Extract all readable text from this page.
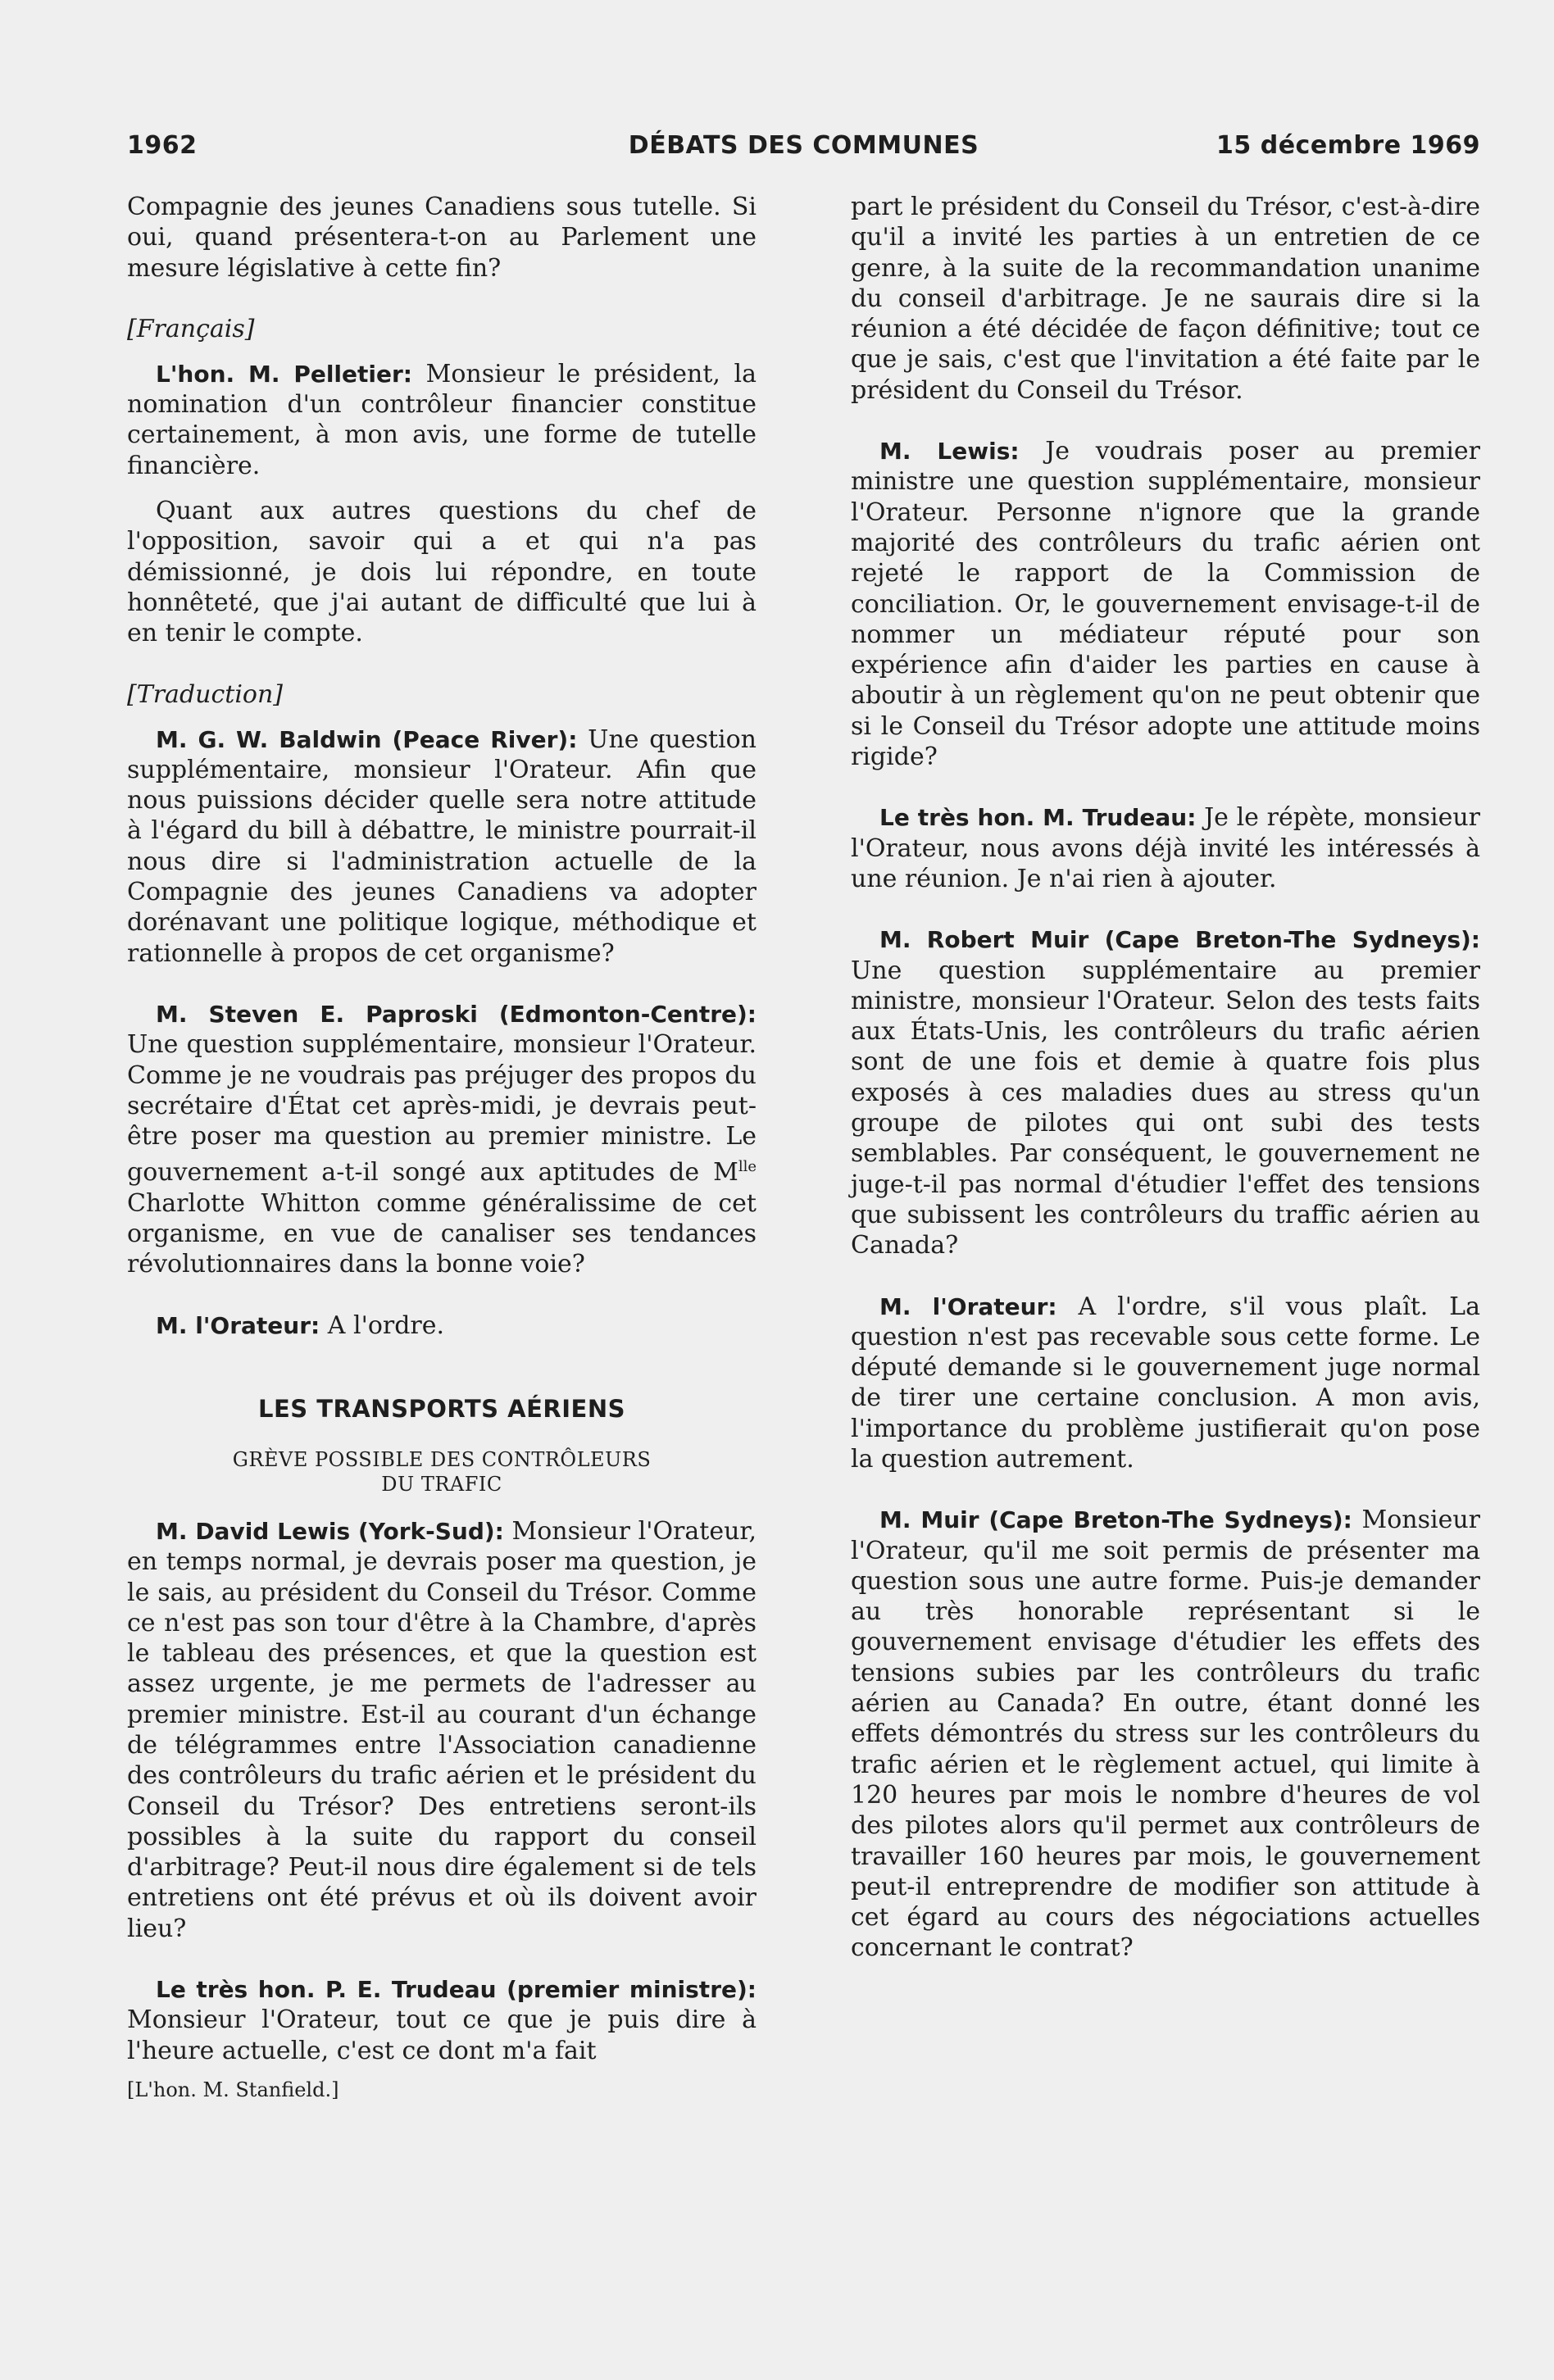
1962	DÉBATS DES COMMUNES	15 décembre 1969

Compagnie des jeunes Canadiens sous tutelle. Si oui, quand présentera-t-on au Parlement une mesure législative à cette fin?

[Français]

L'hon. M. Pelletier: Monsieur le président, la nomination d'un contrôleur financier constitue certainement, à mon avis, une forme de tutelle financière.

Quant aux autres questions du chef de l'opposition, savoir qui a et qui n'a pas démissionné, je dois lui répondre, en toute honnêteté, que j'ai autant de difficulté que lui à en tenir le compte.

[Traduction]

M. G. W. Baldwin (Peace River): Une question supplémentaire, monsieur l'Orateur. Afin que nous puissions décider quelle sera notre attitude à l'égard du bill à débattre, le ministre pourrait-il nous dire si l'administration actuelle de la Compagnie des jeunes Canadiens va adopter dorénavant une politique logique, méthodique et rationnelle à propos de cet organisme?

M. Steven E. Paproski (Edmonton-Centre): Une question supplémentaire, monsieur l'Orateur. Comme je ne voudrais pas préjuger des propos du secrétaire d'État cet après-midi, je devrais peut-être poser ma question au premier ministre. Le gouvernement a-t-il songé aux aptitudes de $M^{lle}$ Charlotte Whitton comme généralissime de cet organisme, en vue de canaliser ses tendances révolutionnaires dans la bonne voie?

M. l'Orateur: A l'ordre.

LES TRANSPORTS AÉRIENS
GRÈVE POSSIBLE DES CONTRÔLEURS
DU TRAFIC

M. David Lewis (York-Sud): Monsieur l'Orateur, en temps normal, je devrais poser ma question, je le sais, au président du Conseil du Trésor. Comme ce n'est pas son tour d'être à la Chambre, d'après le tableau des présences, et que la question est assez urgente, je me permets de l'adresser au premier ministre. Est-il au courant d'un échange de télégrammes entre l'Association canadienne des contrôleurs du trafic aérien et le président du Conseil du Trésor? Des entretiens seront-ils possibles à la suite du rapport du conseil d'arbitrage? Peut-il nous dire également si de tels entretiens ont été prévus et où ils doivent avoir lieu?

Le très hon. P. E. Trudeau (premier ministre): Monsieur l'Orateur, tout ce que je puis dire à l'heure actuelle, c'est ce dont m'a fait

[L'hon. M. Stanfield.]

part le président du Conseil du Trésor, c'est-à-dire qu'il a invité les parties à un entretien de ce genre, à la suite de la recommandation unanime du conseil d'arbitrage. Je ne saurais dire si la réunion a été décidée de façon définitive; tout ce que je sais, c'est que l'invitation a été faite par le président du Conseil du Trésor.

M. Lewis: Je voudrais poser au premier ministre une question supplémentaire, monsieur l'Orateur. Personne n'ignore que la grande majorité des contrôleurs du trafic aérien ont rejeté le rapport de la Commission de conciliation. Or, le gouvernement envisage-t-il de nommer un médiateur réputé pour son expérience afin d'aider les parties en cause à aboutir à un règlement qu'on ne peut obtenir que si le Conseil du Trésor adopte une attitude moins rigide?

Le très hon. M. Trudeau: Je le répète, monsieur l'Orateur, nous avons déjà invité les intéressés à une réunion. Je n'ai rien à ajouter.

M. Robert Muir (Cape Breton-The Sydneys): Une question supplémentaire au premier ministre, monsieur l'Orateur. Selon des tests faits aux États-Unis, les contrôleurs du trafic aérien sont de une fois et demie à quatre fois plus exposés à ces maladies dues au stress qu'un groupe de pilotes qui ont subi des tests semblables. Par conséquent, le gouvernement ne juge-t-il pas normal d'étudier l'effet des tensions que subissent les contrôleurs du traffic aérien au Canada?

M. l'Orateur: A l'ordre, s'il vous plaît. La question n'est pas recevable sous cette forme. Le député demande si le gouvernement juge normal de tirer une certaine conclusion. A mon avis, l'importance du problème justifierait qu'on pose la question autrement.

M. Muir (Cape Breton-The Sydneys): Monsieur l'Orateur, qu'il me soit permis de présenter ma question sous une autre forme. Puis-je demander au très honorable représentant si le gouvernement envisage d'étudier les effets des tensions subies par les contrôleurs du trafic aérien au Canada? En outre, étant donné les effets démontrés du stress sur les contrôleurs du trafic aérien et le règlement actuel, qui limite à 120 heures par mois le nombre d'heures de vol des pilotes alors qu'il permet aux contrôleurs de travailler 160 heures par mois, le gouvernement peut-il entreprendre de modifier son attitude à cet égard au cours des négociations actuelles concernant le contrat?
